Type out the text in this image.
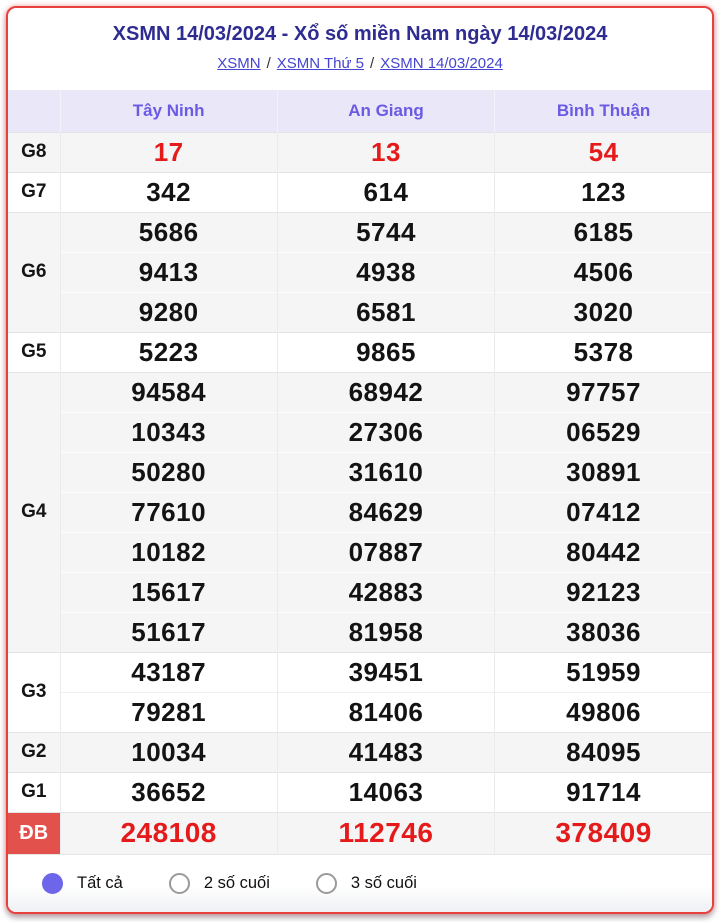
XSMN 14/03/2024 - Xổ số miền Nam ngày 14/03/2024
XSMN / XSMN Thứ 5 / XSMN 14/03/2024
	Tây Ninh	An Giang	Bình Thuận
G8	17	13	54
G7	342	614	123
G6	5686	5744	6185
	9413	4938	4506
	9280	6581	3020
G5	5223	9865	5378
G4	94584	68942	97757
	10343	27306	06529
	50280	31610	30891
	77610	84629	07412
	10182	07887	80442
	15617	42883	92123
	51617	81958	38036
G3	43187	39451	51959
	79281	81406	49806
G2	10034	41483	84095
G1	36652	14063	91714
ĐB	248108	112746	378409
Tất cả	2 số cuối	3 số cuối
